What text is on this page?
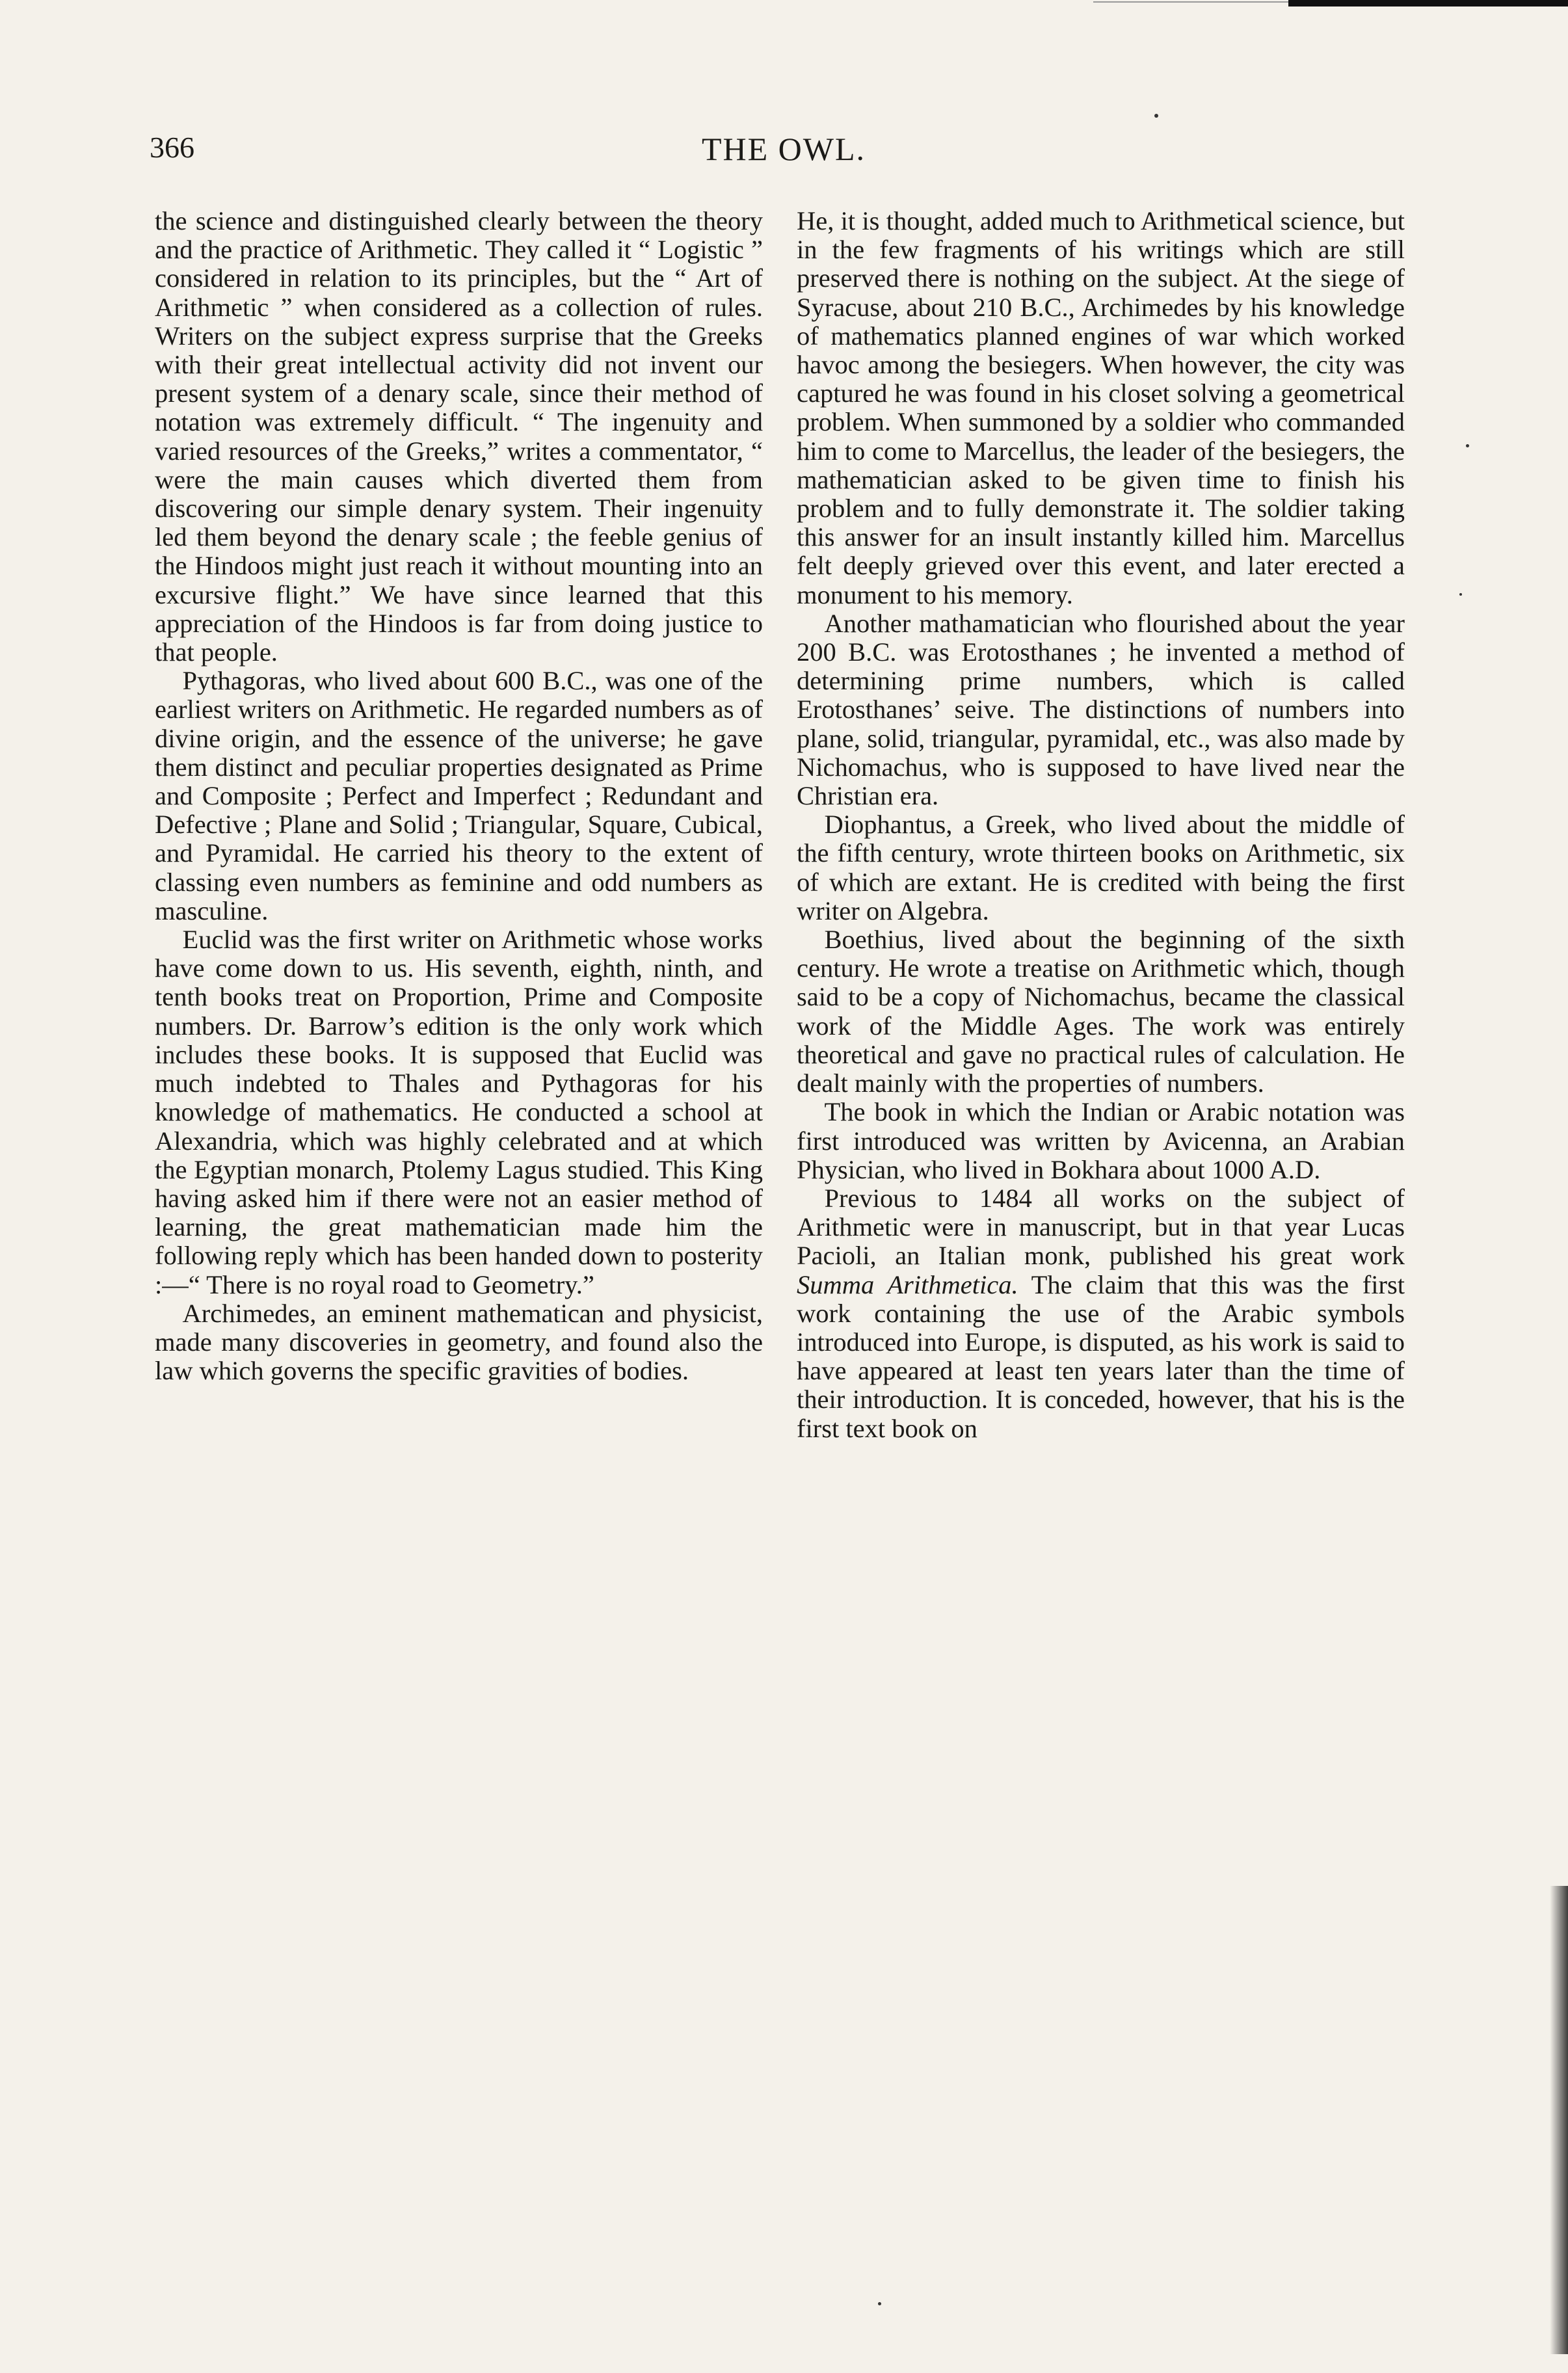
366	THE OWL.

the science and distinguished clearly between the theory and the practice of Arithmetic. They called it “ Logistic ” considered in relation to its principles, but the “ Art of Arithmetic ” when considered as a collection of rules. Writers on the subject express surprise that the Greeks with their great intellectual activity did not invent our present system of a denary scale, since their method of notation was extremely difficult. “ The ingenuity and varied resources of the Greeks,” writes a commentator, “ were the main causes which diverted them from discovering our simple denary system. Their ingenuity led them beyond the denary scale ; the feeble genius of the Hindoos might just reach it without mounting into an excursive flight.” We have since learned that this appreciation of the Hindoos is far from doing justice to that people.

Pythagoras, who lived about 600 B.C., was one of the earliest writers on Arithmetic. He regarded numbers as of divine origin, and the essence of the universe; he gave them distinct and peculiar properties designated as Prime and Composite ; Perfect and Imperfect ; Redundant and Defective ; Plane and Solid ; Triangular, Square, Cubical, and Pyramidal. He carried his theory to the extent of classing even numbers as feminine and odd numbers as masculine.

Euclid was the first writer on Arithmetic whose works have come down to us. His seventh, eighth, ninth, and tenth books treat on Proportion, Prime and Composite numbers. Dr. Barrow’s edition is the only work which includes these books. It is supposed that Euclid was much indebted to Thales and Pythagoras for his knowledge of mathematics. He conducted a school at Alexandria, which was highly celebrated and at which the Egyptian monarch, Ptolemy Lagus studied. This King having asked him if there were not an easier method of learning, the great mathematician made him the following reply which has been handed down to posterity :—“ There is no royal road to Geometry.”

Archimedes, an eminent mathematican and physicist, made many discoveries in geometry, and found also the law which governs the specific gravities of bodies.

He, it is thought, added much to Arithmetical science, but in the few fragments of his writings which are still preserved there is nothing on the subject. At the siege of Syracuse, about 210 B.C., Archimedes by his knowledge of mathematics planned engines of war which worked havoc among the besiegers. When however, the city was captured he was found in his closet solving a geometrical problem. When summoned by a soldier who commanded him to come to Marcellus, the leader of the besiegers, the mathematician asked to be given time to finish his problem and to fully demonstrate it. The soldier taking this answer for an insult instantly killed him. Marcellus felt deeply grieved over this event, and later erected a monument to his memory.

Another mathamatician who flourished about the year 200 B.C. was Erotosthanes ; he invented a method of determining prime numbers, which is called Erotosthanes’ seive. The distinctions of numbers into plane, solid, triangular, pyramidal, etc., was also made by Nichomachus, who is supposed to have lived near the Christian era.

Diophantus, a Greek, who lived about the middle of the fifth century, wrote thirteen books on Arithmetic, six of which are extant. He is credited with being the first writer on Algebra.

Boethius, lived about the beginning of the sixth century. He wrote a treatise on Arithmetic which, though said to be a copy of Nichomachus, became the classical work of the Middle Ages. The work was entirely theoretical and gave no practical rules of calculation. He dealt mainly with the properties of numbers.

The book in which the Indian or Arabic notation was first introduced was written by Avicenna, an Arabian Physician, who lived in Bokhara about 1000 A.D.

Previous to 1484 all works on the subject of Arithmetic were in manuscript, but in that year Lucas Pacioli, an Italian monk, published his great work Summa Arithmetica. The claim that this was the first work containing the use of the Arabic symbols introduced into Europe, is disputed, as his work is said to have appeared at least ten years later than the time of their introduction. It is conceded, however, that his is the first text book on
